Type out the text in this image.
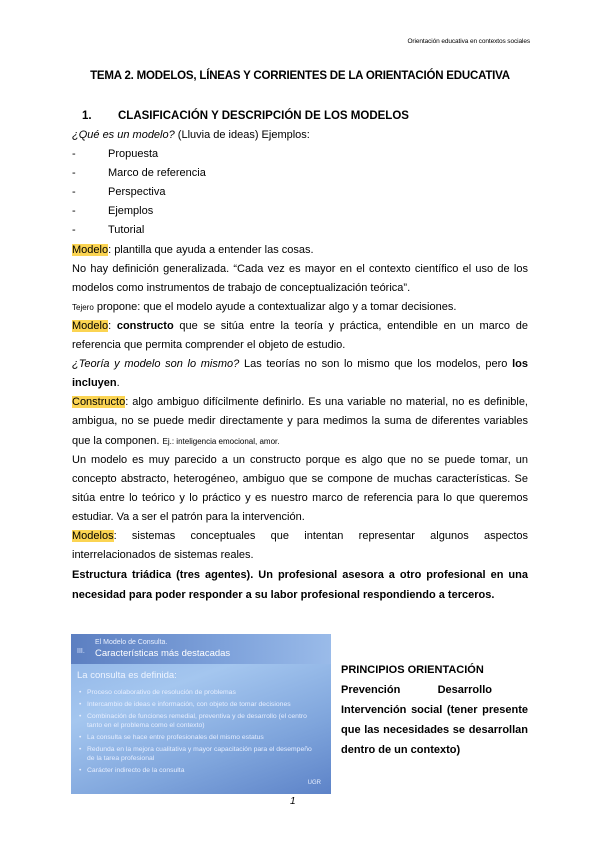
Orientación educativa en contextos sociales
TEMA 2. MODELOS, LÍNEAS Y CORRIENTES DE LA ORIENTACIÓN EDUCATIVA
1. CLASIFICACIÓN Y DESCRIPCIÓN DE LOS MODELOS

¿Qué es un modelo? (Lluvia de ideas) Ejemplos:

-	Propuesta
-	Marco de referencia
-	Perspectiva
-	Ejemplos
-	Tutorial

Modelo: plantilla que ayuda a entender las cosas.

No hay definición generalizada. “Cada vez es mayor en el contexto científico el uso de los modelos como instrumentos de trabajo de conceptualización teórica”.

Tejero propone: que el modelo ayude a contextualizar algo y a tomar decisiones.

Modelo: constructo que se sitúa entre la teoría y práctica, entendible en un marco de referencia que permita comprender el objeto de estudio.

¿Teoría y modelo son lo mismo? Las teorías no son lo mismo que los modelos, pero los incluyen.

Constructo: algo ambiguo difícilmente definirlo. Es una variable no material, no es definible, ambigua, no se puede medir directamente y para medimos la suma de diferentes variables que la componen. Ej.: inteligencia emocional, amor.

Un modelo es muy parecido a un constructo porque es algo que no se puede tomar, un concepto abstracto, heterogéneo, ambiguo que se compone de muchas características. Se sitúa entre lo teórico y lo práctico y es nuestro marco de referencia para lo que queremos estudiar. Va a ser el patrón para la intervención.

Modelos: sistemas conceptuales que intentan representar algunos aspectos interrelacionados de sistemas reales.

Estructura triádica (tres agentes). Un profesional asesora a otro profesional en una necesidad para poder responder a su labor profesional respondiendo a terceros.

III.
El Modelo de Consulta.
Características más destacadas
La consulta es definida:
• Proceso colaborativo de resolución de problemas
• Intercambio de ideas e información, con objeto de tomar decisiones
• Combinación de funciones remedial, preventiva y de desarrollo (el centro tanto en el problema como el contexto)
• La consulta se hace entre profesionales del mismo estatus
• Redunda en la mejora cualitativa y mayor capacitación para el desempeño de la tarea profesional
• Carácter indirecto de la consulta
UGR

PRINCIPIOS ORIENTACIÓN

Prevención	Desarrollo

Intervención social (tener presente que las necesidades se desarrollan dentro de un contexto)

1
